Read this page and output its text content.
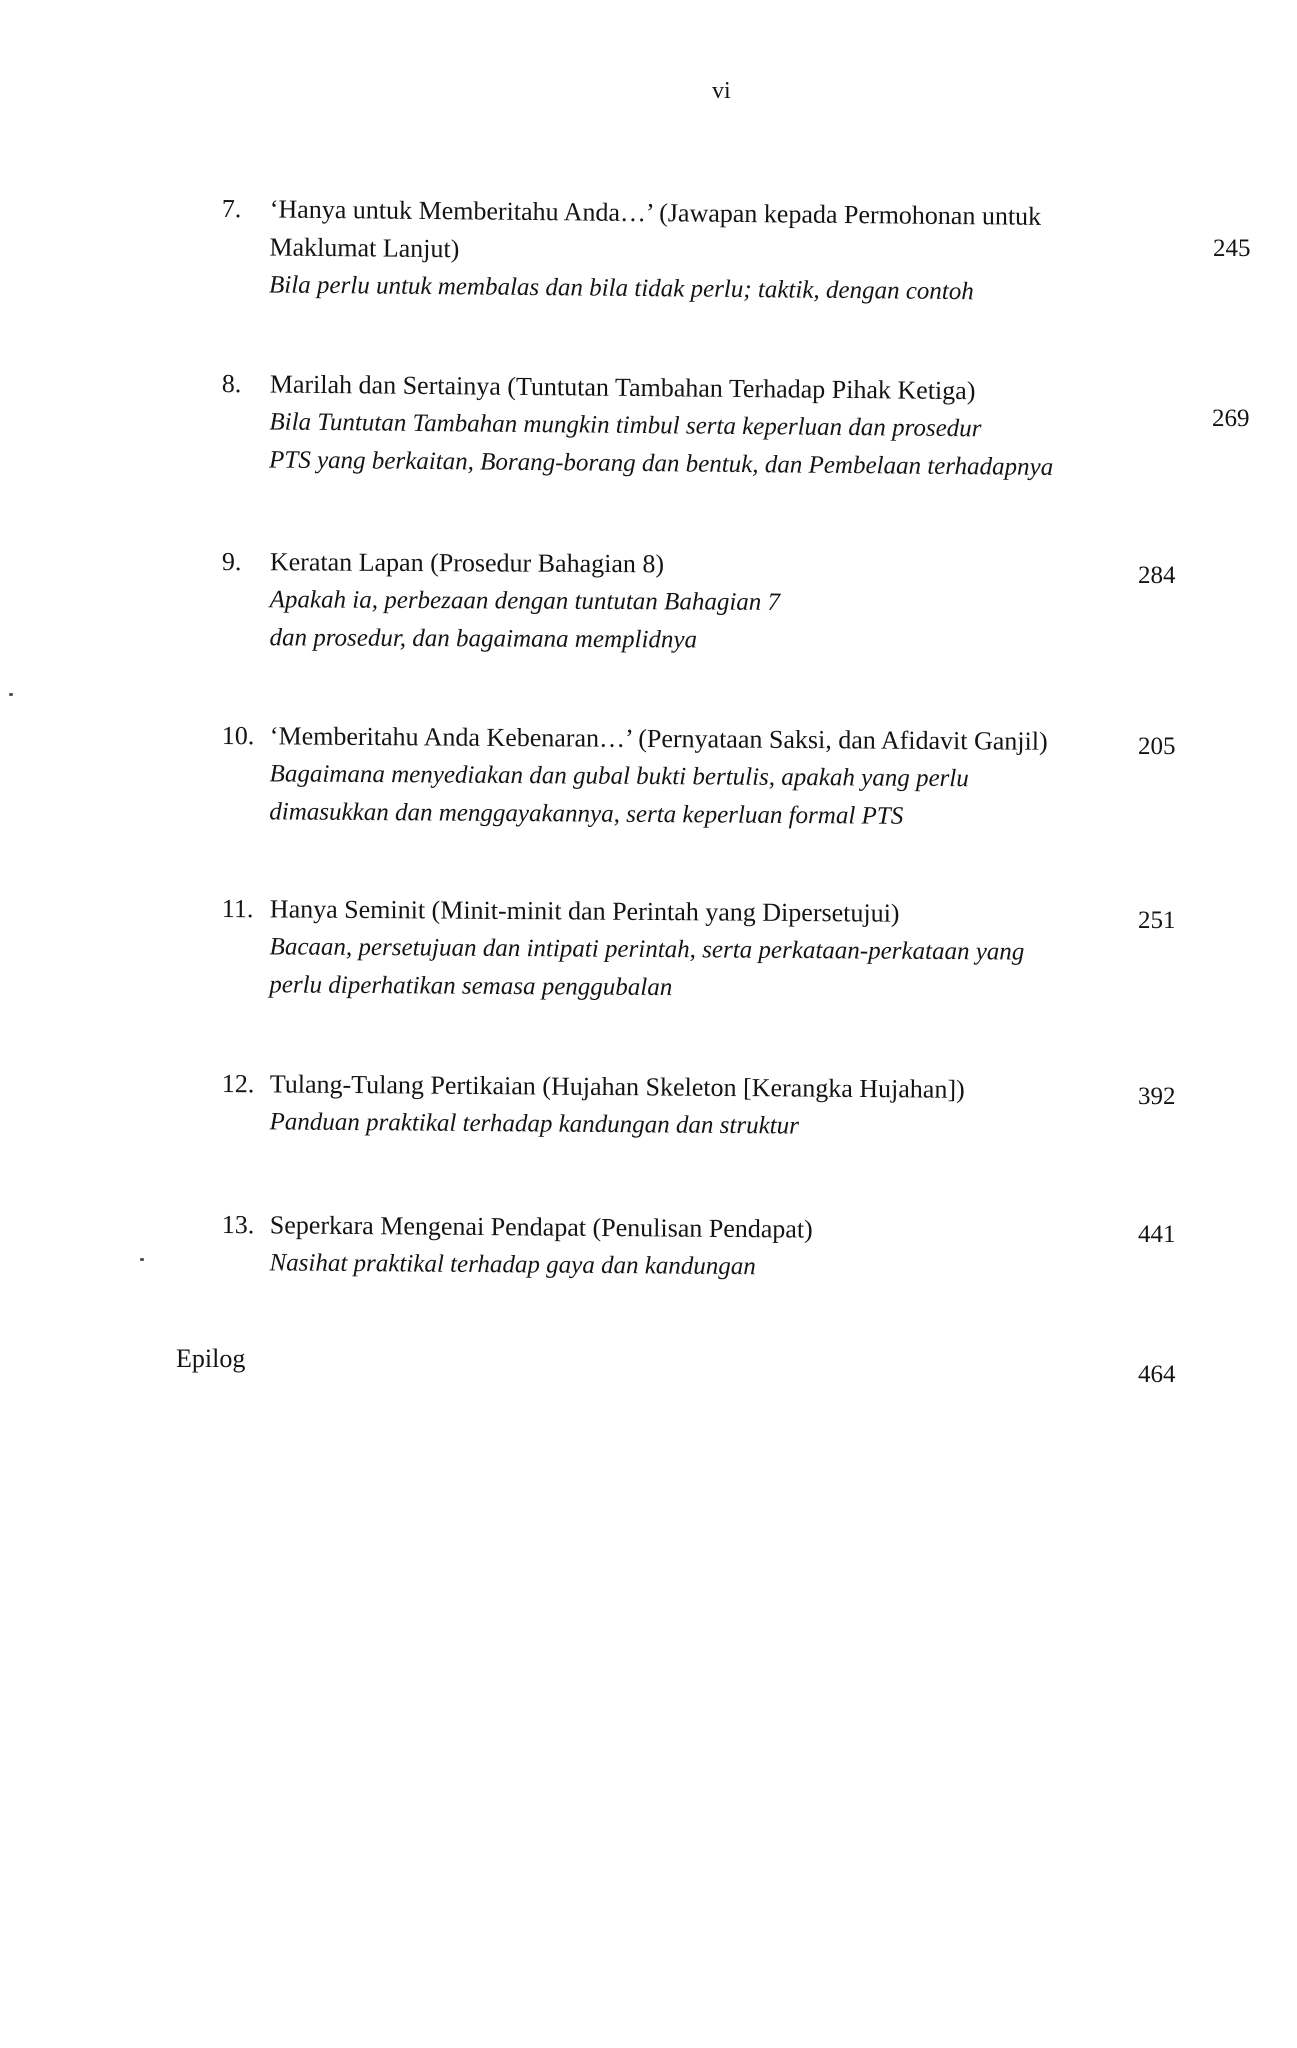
vi
7. ‘Hanya untuk Memberitahu Anda…’ (Jawapan kepada Permohonan untuk
Maklumat Lanjut)
Bila perlu untuk membalas dan bila tidak perlu; taktik, dengan contoh
245
8. Marilah dan Sertainya (Tuntutan Tambahan Terhadap Pihak Ketiga)
Bila Tuntutan Tambahan mungkin timbul serta keperluan dan prosedur
PTS yang berkaitan, Borang-borang dan bentuk, dan Pembelaan terhadapnya
269
9. Keratan Lapan (Prosedur Bahagian 8)
Apakah ia, perbezaan dengan tuntutan Bahagian 7
dan prosedur, dan bagaimana memplidnya
284
10. ‘Memberitahu Anda Kebenaran…’ (Pernyataan Saksi, dan Afidavit Ganjil)
Bagaimana menyediakan dan gubal bukti bertulis, apakah yang perlu
dimasukkan dan menggayakannya, serta keperluan formal PTS
205
11. Hanya Seminit (Minit-minit dan Perintah yang Dipersetujui)
Bacaan, persetujuan dan intipati perintah, serta perkataan-perkataan yang
perlu diperhatikan semasa penggubalan
251
12. Tulang-Tulang Pertikaian (Hujahan Skeleton [Kerangka Hujahan])
Panduan praktikal terhadap kandungan dan struktur
392
13. Seperkara Mengenai Pendapat (Penulisan Pendapat)
Nasihat praktikal terhadap gaya dan kandungan
441
Epilog
464
